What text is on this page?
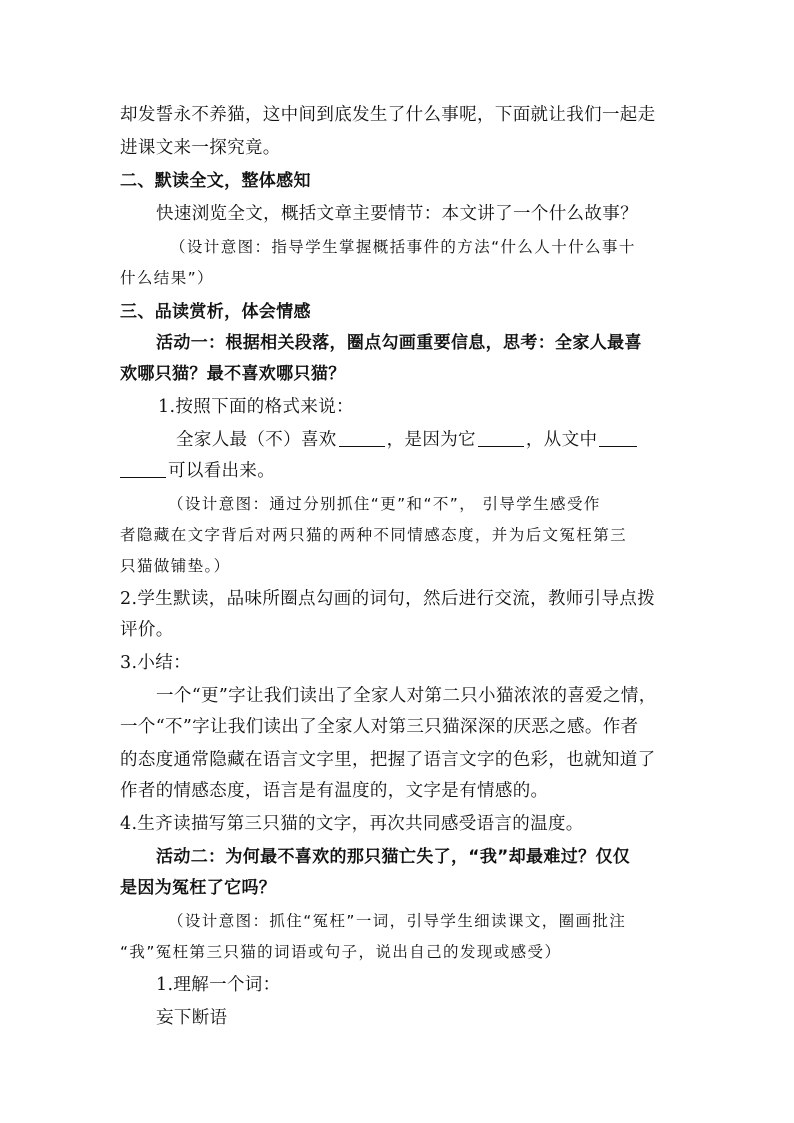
却发誓永不养猫，这中间到底发生了什么事呢，下面就让我们一起走
进课文来一探究竟。
二、默读全文，整体感知
快速浏览全文，概括文章主要情节：本文讲了一个什么故事？
（设计意图：指导学生掌握概括事件的方法“什么人十什么事十
什么结果”）
三、品读赏析，体会情感
活动一：根据相关段落，圈点勾画重要信息，思考：全家人最喜
欢哪只猫？最不喜欢哪只猫？
1.按照下面的格式来说：
全家人最（不）喜欢	，是因为它	，从文中
可以看出来。
（设计意图：通过分别抓住“更”和“不”， 引导学生感受作
者隐藏在文字背后对两只猫的两种不同情感态度，并为后文冤枉第三
只猫做铺垫。）
2.学生默读，品味所圈点勾画的词句，然后进行交流，教师引导点拨
评价。
3.小结：
一个“更”字让我们读出了全家人对第二只小猫浓浓的喜爱之情，
一个“不”字让我们读出了全家人对第三只猫深深的厌恶之感。作者
的态度通常隐藏在语言文字里，把握了语言文字的色彩，也就知道了
作者的情感态度，语言是有温度的，文字是有情感的。
4.生齐读描写第三只猫的文字，再次共同感受语言的温度。
活动二：为何最不喜欢的那只猫亡失了，“我”却最难过？仅仅
是因为冤枉了它吗？
（设计意图：抓住“冤枉”一词，引导学生细读课文，圈画批注
“我”冤枉第三只猫的词语或句子，说出自己的发现或感受）
1.理解一个词：
妄下断语
